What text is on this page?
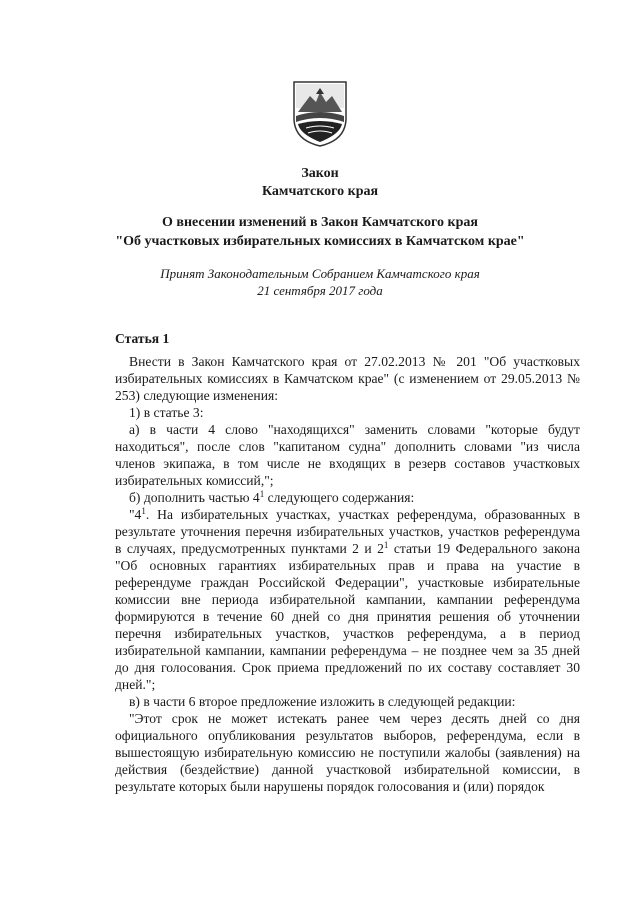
Закон
Камчатского края
О внесении изменений в Закон Камчатского края
"Об участковых избирательных комиссиях в Камчатском крае"
Принят Законодательным Собранием Камчатского края
21 сентября 2017 года

Статья 1

Внести в Закон Камчатского края от 27.02.2013 № 201 "Об участковых избирательных комиссиях в Камчатском крае" (с изменением от 29.05.2013 № 253) следующие изменения:

1) в статье 3:

а) в части 4 слово "находящихся" заменить словами "которые будут находиться", после слов "капитаном судна" дополнить словами "из числа членов экипажа, в том числе не входящих в резерв составов участковых избирательных комиссий,";

б) дополнить частью $4^1$ следующего содержания:

"$4^1$. На избирательных участках, участках референдума, образованных в результате уточнения перечня избирательных участков, участков референдума в случаях, предусмотренных пунктами 2 и $2^1$ статьи 19 Федерального закона "Об основных гарантиях избирательных прав и права на участие в референдуме граждан Российской Федерации", участковые избирательные комиссии вне периода избирательной кампании, кампании референдума формируются в течение 60 дней со дня принятия решения об уточнении перечня избирательных участков, участков референдума, а в период избирательной кампании, кампании референдума – не позднее чем за 35 дней до дня голосования. Срок приема предложений по их составу составляет 30 дней.";

в) в части 6 второе предложение изложить в следующей редакции:

"Этот срок не может истекать ранее чем через десять дней со дня официального опубликования результатов выборов, референдума, если в вышестоящую избирательную комиссию не поступили жалобы (заявления) на действия (бездействие) данной участковой избирательной комиссии, в результате которых были нарушены порядок голосования и (или) порядок
